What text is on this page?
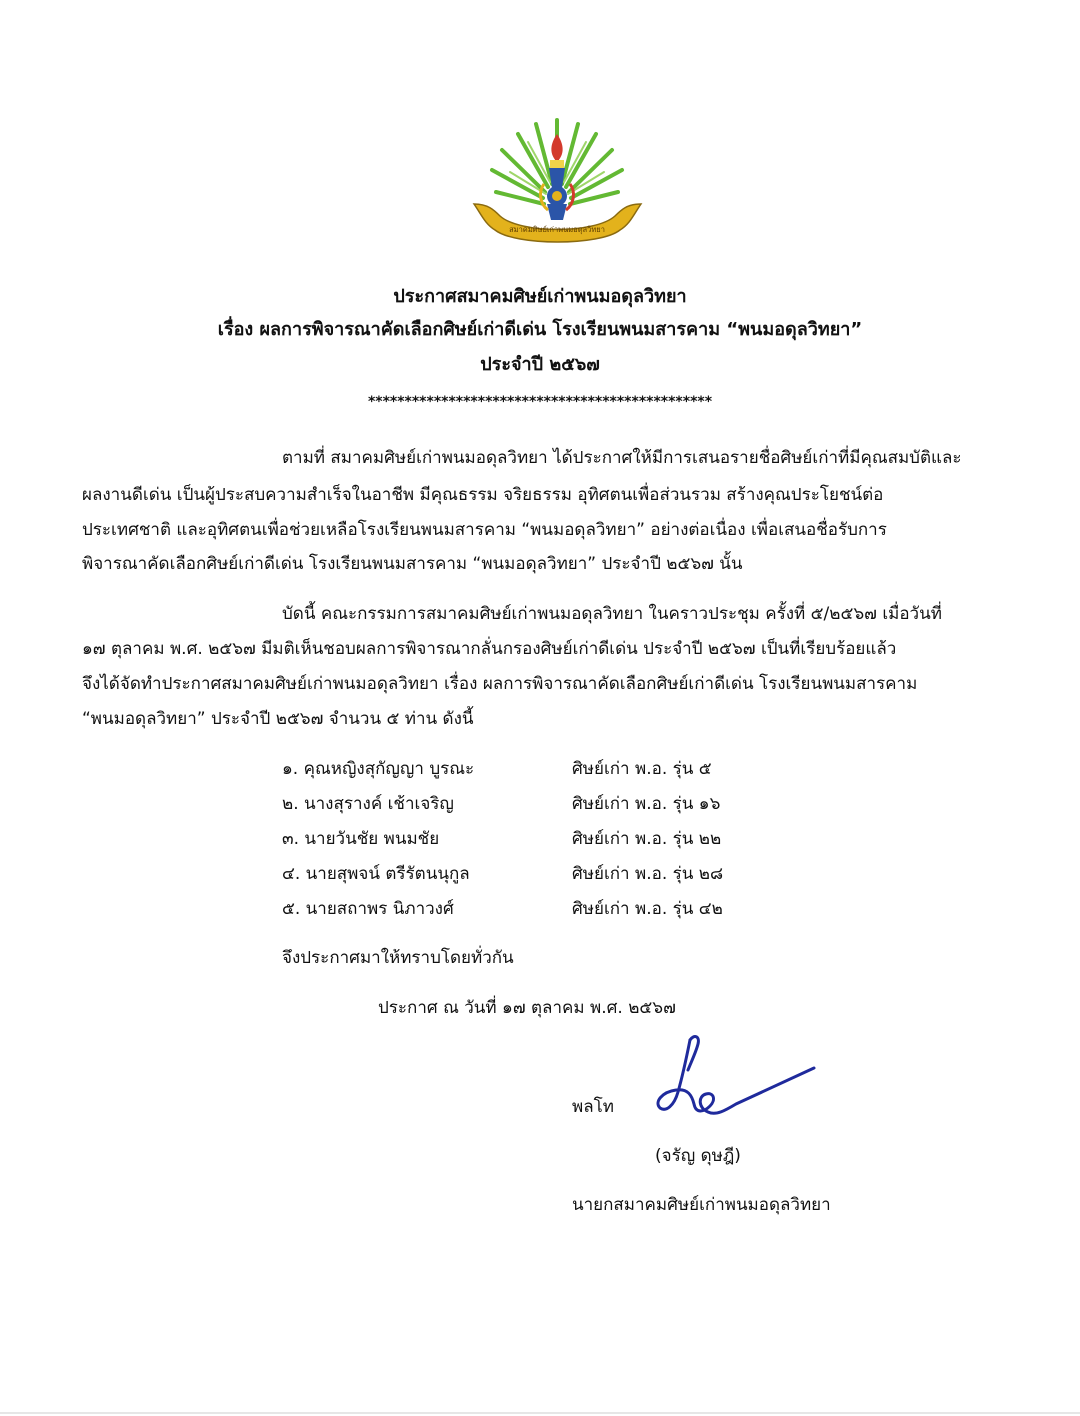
สมาคมศิษย์เก่าพนมอดุลวิทยา
ประกาศสมาคมศิษย์เก่าพนมอดุลวิทยา
เรื่อง ผลการพิจารณาคัดเลือกศิษย์เก่าดีเด่น โรงเรียนพนมสารคาม “พนมอดุลวิทยา”
ประจำปี ๒๕๖๗
***********************************************
ตามที่ สมาคมศิษย์เก่าพนมอดุลวิทยา ได้ประกาศให้มีการเสนอรายชื่อศิษย์เก่าที่มีคุณสมบัติและ
ผลงานดีเด่น เป็นผู้ประสบความสำเร็จในอาชีพ มีคุณธรรม จริยธรรม อุทิศตนเพื่อส่วนรวม สร้างคุณประโยชน์ต่อ
ประเทศชาติ และอุทิศตนเพื่อช่วยเหลือโรงเรียนพนมสารคาม “พนมอดุลวิทยา” อย่างต่อเนื่อง เพื่อเสนอชื่อรับการ
พิจารณาคัดเลือกศิษย์เก่าดีเด่น โรงเรียนพนมสารคาม “พนมอดุลวิทยา” ประจำปี ๒๕๖๗ นั้น
บัดนี้ คณะกรรมการสมาคมศิษย์เก่าพนมอดุลวิทยา ในคราวประชุม ครั้งที่ ๕/๒๕๖๗ เมื่อวันที่
๑๗ ตุลาคม พ.ศ. ๒๕๖๗ มีมติเห็นชอบผลการพิจารณากลั่นกรองศิษย์เก่าดีเด่น ประจำปี ๒๕๖๗ เป็นที่เรียบร้อยแล้ว
จึงได้จัดทำประกาศสมาคมศิษย์เก่าพนมอดุลวิทยา เรื่อง ผลการพิจารณาคัดเลือกศิษย์เก่าดีเด่น โรงเรียนพนมสารคาม
“พนมอดุลวิทยา” ประจำปี ๒๕๖๗ จำนวน ๕ ท่าน ดังนี้
๑. คุณหญิงสุกัญญา บูรณะ	ศิษย์เก่า พ.อ. รุ่น ๕
๒. นางสุรางค์ เช้าเจริญ	ศิษย์เก่า พ.อ. รุ่น ๑๖
๓. นายวันชัย พนมชัย	ศิษย์เก่า พ.อ. รุ่น ๒๒
๔. นายสุพจน์ ตรีรัตนนุกูล	ศิษย์เก่า พ.อ. รุ่น ๒๘
๕. นายสถาพร นิภาวงศ์	ศิษย์เก่า พ.อ. รุ่น ๔๒
จึงประกาศมาให้ทราบโดยทั่วกัน
ประกาศ ณ วันที่ ๑๗ ตุลาคม พ.ศ. ๒๕๖๗
พลโท
(จรัญ ดุษฎี)
นายกสมาคมศิษย์เก่าพนมอดุลวิทยา
